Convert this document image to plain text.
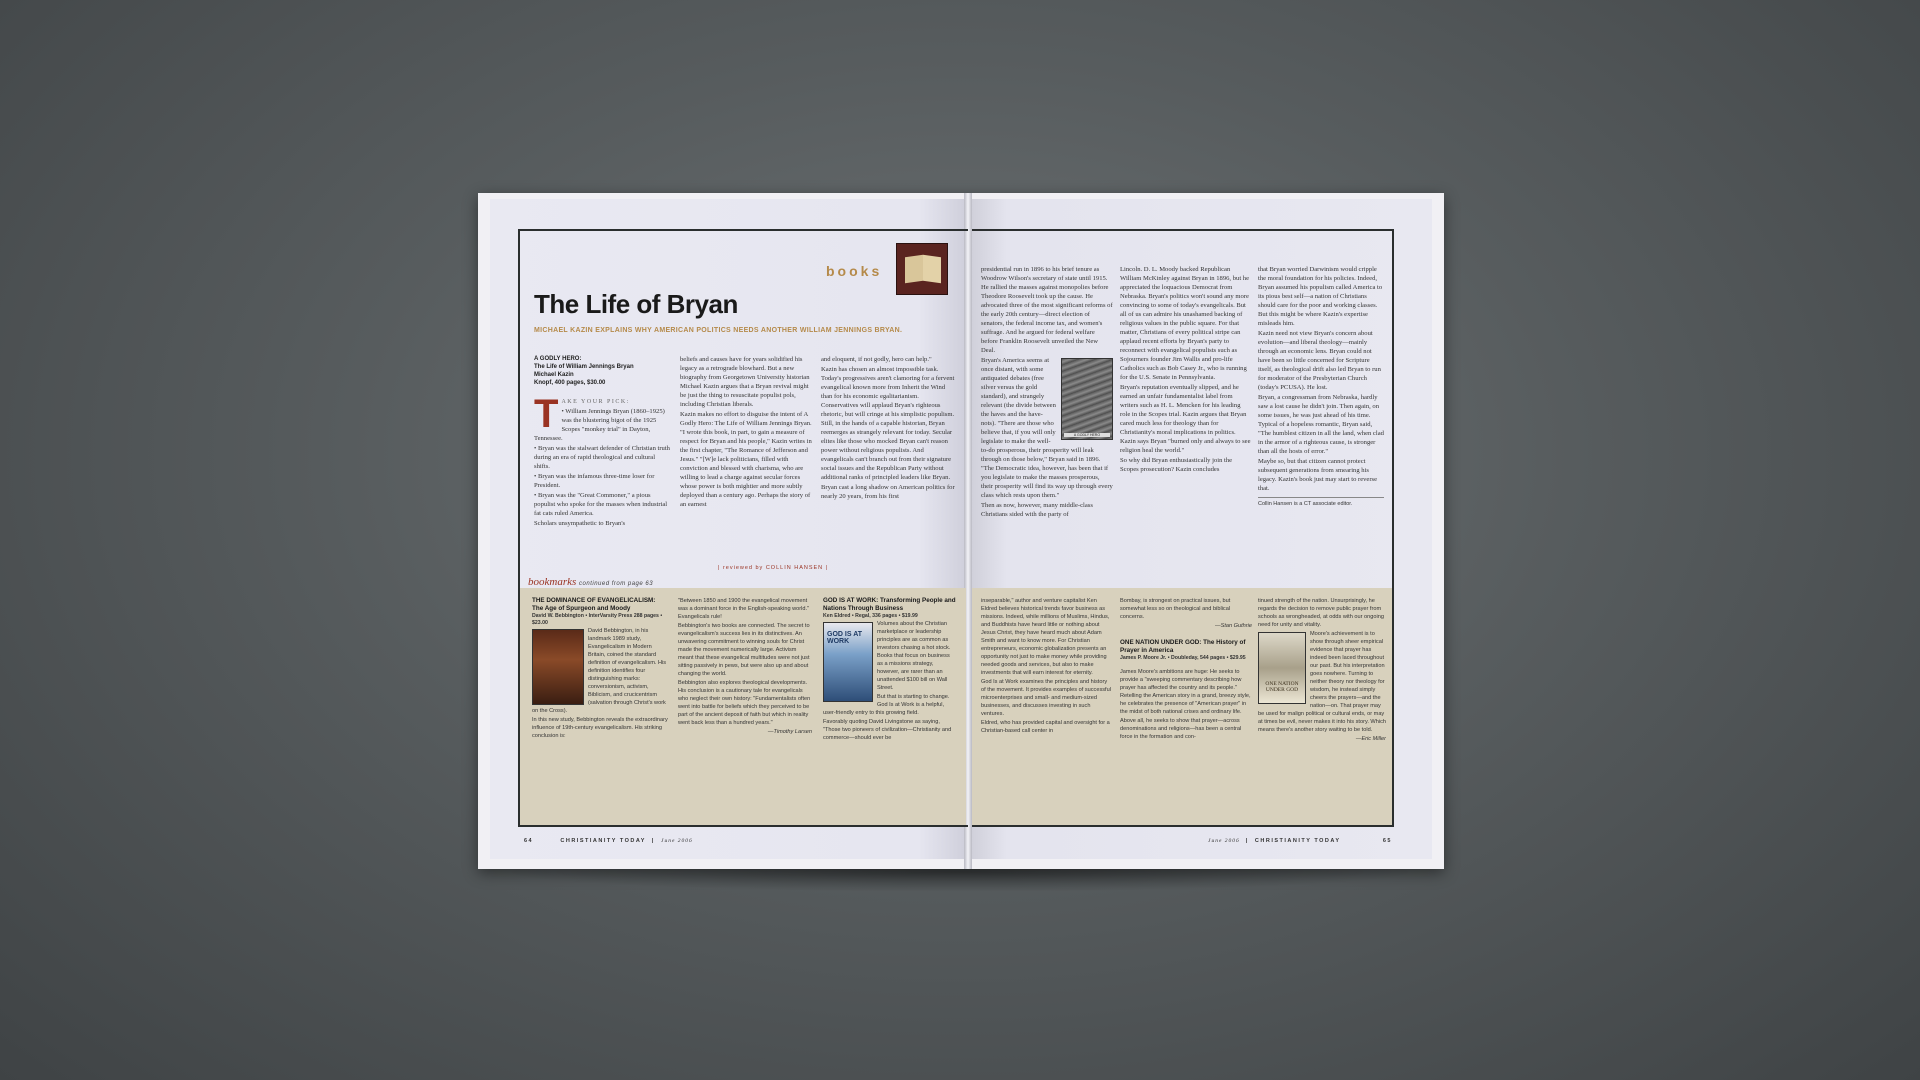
books
The Life of Bryan
MICHAEL KAZIN EXPLAINS WHY AMERICAN POLITICS NEEDS ANOTHER WILLIAM JENNINGS BRYAN.
A GODLY HERO:
The Life of William Jennings Bryan
Michael Kazin
Knopf, 400 pages, $30.00
T AKE YOUR PICK:

• William Jennings Bryan (1860–1925) was the blustering bigot of the 1925 Scopes "monkey trial" in Dayton, Tennessee.

• Bryan was the stalwart defender of Christian truth during an era of rapid theological and cultural shifts.

• Bryan was the infamous three-time loser for President.

• Bryan was the "Great Commoner," a pious populist who spoke for the masses when industrial fat cats ruled America.

Scholars unsympathetic to Bryan's

beliefs and causes have for years solidified his legacy as a retrograde blowhard. But a new biography from Georgetown University historian Michael Kazin argues that a Bryan revival might be just the thing to resuscitate populist pols, including Christian liberals.

Kazin makes no effort to disguise the intent of A Godly Hero: The Life of William Jennings Bryan. "I wrote this book, in part, to gain a measure of respect for Bryan and his people," Kazin writes in the first chapter, "The Romance of Jefferson and Jesus." "[W]e lack politicians, filled with conviction and blessed with charisma, who are willing to lead a charge against secular forces whose power is both mightier and more subtly deployed than a century ago. Perhaps the story of an earnest

and eloquent, if not godly, hero can help."

Kazin has chosen an almost impossible task. Today's progressives aren't clamoring for a fervent evangelical known more from Inherit the Wind than for his economic egalitarianism. Conservatives will applaud Bryan's righteous rhetoric, but will cringe at his simplistic populism. Still, in the hands of a capable historian, Bryan reemerges as strangely relevant for today. Secular elites like those who mocked Bryan can't reason power without religious populists. And evangelicals can't branch out from their signature social issues and the Republican Party without additional ranks of principled leaders like Bryan.

Bryan cast a long shadow on American politics for nearly 20 years, from his first

| reviewed by COLLIN HANSEN |

presidential run in 1896 to his brief tenure as Woodrow Wilson's secretary of state until 1915. He rallied the masses against monopolies before Theodore Roosevelt took up the cause. He advocated three of the most significant reforms of the early 20th century—direct election of senators, the federal income tax, and women's suffrage. And he argued for federal welfare before Franklin Roosevelt unveiled the New Deal.

A GODLY HERO

Bryan's America seems at once distant, with some antiquated debates (free silver versus the gold standard), and strangely relevant (the divide between the haves and the have-nots). "There are those who believe that, if you will only legislate to make the well-to-do prosperous, their prosperity will leak through on those below," Bryan said in 1896. "The Democratic idea, however, has been that if you legislate to make the masses prosperous, their prosperity will find its way up through every class which rests upon them."

Then as now, however, many middle-class Christians sided with the party of

Lincoln. D. L. Moody backed Republican William McKinley against Bryan in 1896, but he appreciated the loquacious Democrat from Nebraska. Bryan's politics won't sound any more convincing to some of today's evangelicals. But all of us can admire his unashamed backing of religious values in the public square. For that matter, Christians of every political stripe can applaud recent efforts by Bryan's party to reconnect with evangelical populists such as Sojourners founder Jim Wallis and pro-life Catholics such as Bob Casey Jr., who is running for the U.S. Senate in Pennsylvania.

Bryan's reputation eventually slipped, and he earned an unfair fundamentalist label from writers such as H. L. Mencken for his leading role in the Scopes trial. Kazin argues that Bryan cared much less for theology than for Christianity's moral implications in politics. Kazin says Bryan "burned only and always to see religion heal the world."

So why did Bryan enthusiastically join the Scopes prosecution? Kazin concludes

that Bryan worried Darwinism would cripple the moral foundation for his policies. Indeed, Bryan assumed his populism called America to its pious best self—a nation of Christians should care for the poor and working classes. But this might be where Kazin's expertise misleads him.

Kazin need not view Bryan's concern about evolution—and liberal theology—mainly through an economic lens. Bryan could not have been so little concerned for Scripture itself, as theological drift also led Bryan to run for moderator of the Presbyterian Church (today's PCUSA). He lost.

Bryan, a congressman from Nebraska, hardly saw a lost cause he didn't join. Then again, on some issues, he was just ahead of his time. Typical of a hopeless romantic, Bryan said, "The humblest citizen in all the land, when clad in the armor of a righteous cause, is stronger than all the hosts of error."

Maybe so, but that citizen cannot protect subsequent generations from smearing his legacy. Kazin's book just may start to reverse that.

Collin Hansen is a CT associate editor.
bookmarks continued from page 63
THE DOMINANCE OF EVANGELICALISM: The Age of Spurgeon and Moody
David W. Bebbington • InterVarsity Press 288 pages • $23.00

David Bebbington, in his landmark 1989 study, Evangelicalism in Modern Britain, coined the standard definition of evangelicalism. His definition identifies four distinguishing marks: conversionism, activism, Biblicism, and crucicentrism (salvation through Christ's work on the Cross).

In this new study, Bebbington reveals the extraordinary influence of 19th-century evangelicalism. His striking conclusion is:

"Between 1850 and 1900 the evangelical movement was a dominant force in the English-speaking world." Evangelicals rule!

Bebbington's two books are connected. The secret to evangelicalism's success lies in its distinctives. An unwavering commitment to winning souls for Christ made the movement numerically large. Activism meant that these evangelical multitudes were not just sitting passively in pews, but were also up and about changing the world.

Bebbington also explores theological developments. His conclusion is a cautionary tale for evangelicals who neglect their own history: "Fundamentalists often went into battle for beliefs which they perceived to be part of the ancient deposit of faith but which in reality went back less than a hundred years."

—Timothy Larsen

GOD IS AT WORK: Transforming People and Nations Through Business
Ken Eldred • Regal, 336 pages • $19.99
GOD IS AT WORK

Volumes about the Christian marketplace or leadership principles are as common as investors chasing a hot stock. Books that focus on business as a missions strategy, however, are rarer than an unattended $100 bill on Wall Street.

But that is starting to change. God Is at Work is a helpful, user-friendly entry to this growing field.

Favorably quoting David Livingstone as saying, "Those two pioneers of civilization—Christianity and commerce—should ever be

inseparable," author and venture capitalist Ken Eldred believes historical trends favor business as missions. Indeed, while millions of Muslims, Hindus, and Buddhists have heard little or nothing about Jesus Christ, they have heard much about Adam Smith and want to know more. For Christian entrepreneurs, economic globalization presents an opportunity not just to make money while providing needed goods and services, but also to make investments that will earn interest for eternity.

God Is at Work examines the principles and history of the movement. It provides examples of successful microenterprises and small- and medium-sized businesses, and discusses investing in such ventures.

Eldred, who has provided capital and oversight for a Christian-based call center in

Bombay, is strongest on practical issues, but somewhat less so on theological and biblical concerns.

—Stan Guthrie

ONE NATION UNDER GOD: The History of Prayer in America
James P. Moore Jr. • Doubleday, 544 pages • $29.95

James Moore's ambitions are huge: He seeks to provide a "sweeping commentary describing how prayer has affected the country and its people." Retelling the American story in a grand, breezy style, he celebrates the presence of "American prayer" in the midst of both national crises and ordinary life.

Above all, he seeks to show that prayer—across denominations and religions—has been a central force in the formation and con-

tinued strength of the nation. Unsurprisingly, he regards the decision to remove public prayer from schools as wrongheaded, at odds with our ongoing need for unity and vitality.

ONE NATION UNDER GOD

Moore's achievement is to show through sheer empirical evidence that prayer has indeed been laced throughout our past. But his interpretation goes nowhere. Turning to neither theory nor theology for wisdom, he instead simply cheers the prayers—and the nation—on. That prayer may be used for malign political or cultural ends, or may at times be evil, never makes it into his story. Which means there's another story waiting to be told.

—Eric Miller

64	CHRISTIANITY TODAY  |  June 2006	June 2006  |  CHRISTIANITY TODAY	65
